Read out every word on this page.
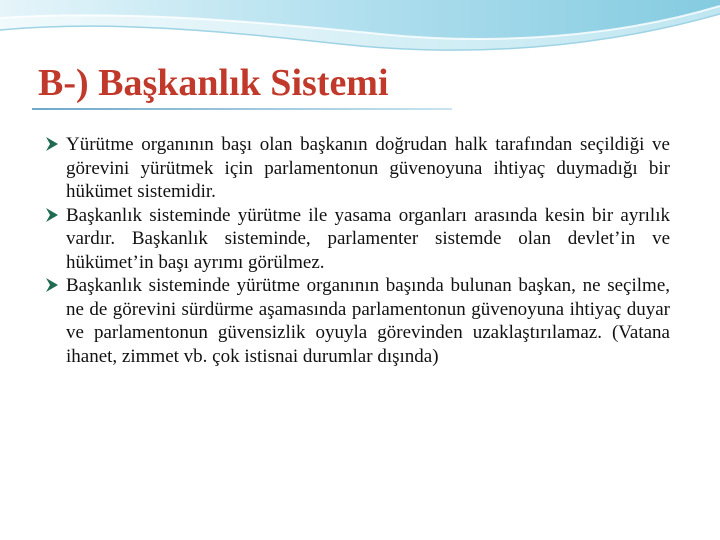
B-) Başkanlık Sistemi
Yürütme organının başı olan başkanın doğrudan halk tarafından seçildiği ve görevini yürütmek için parlamentonun güvenoyuna ihtiyaç duymadığı bir hükümet sistemidir.
Başkanlık sisteminde yürütme ile yasama organları arasında kesin bir ayrılık vardır. Başkanlık sisteminde, parlamenter sistemde olan devlet’in ve hükümet’in başı ayrımı görülmez.
Başkanlık sisteminde yürütme organının başında bulunan başkan, ne seçilme, ne de görevini sürdürme aşamasında parlamentonun güvenoyuna ihtiyaç duyar ve parlamentonun güvensizlik oyuyla görevinden uzaklaştırılamaz. (Vatana ihanet, zimmet vb. çok istisnai durumlar dışında)
